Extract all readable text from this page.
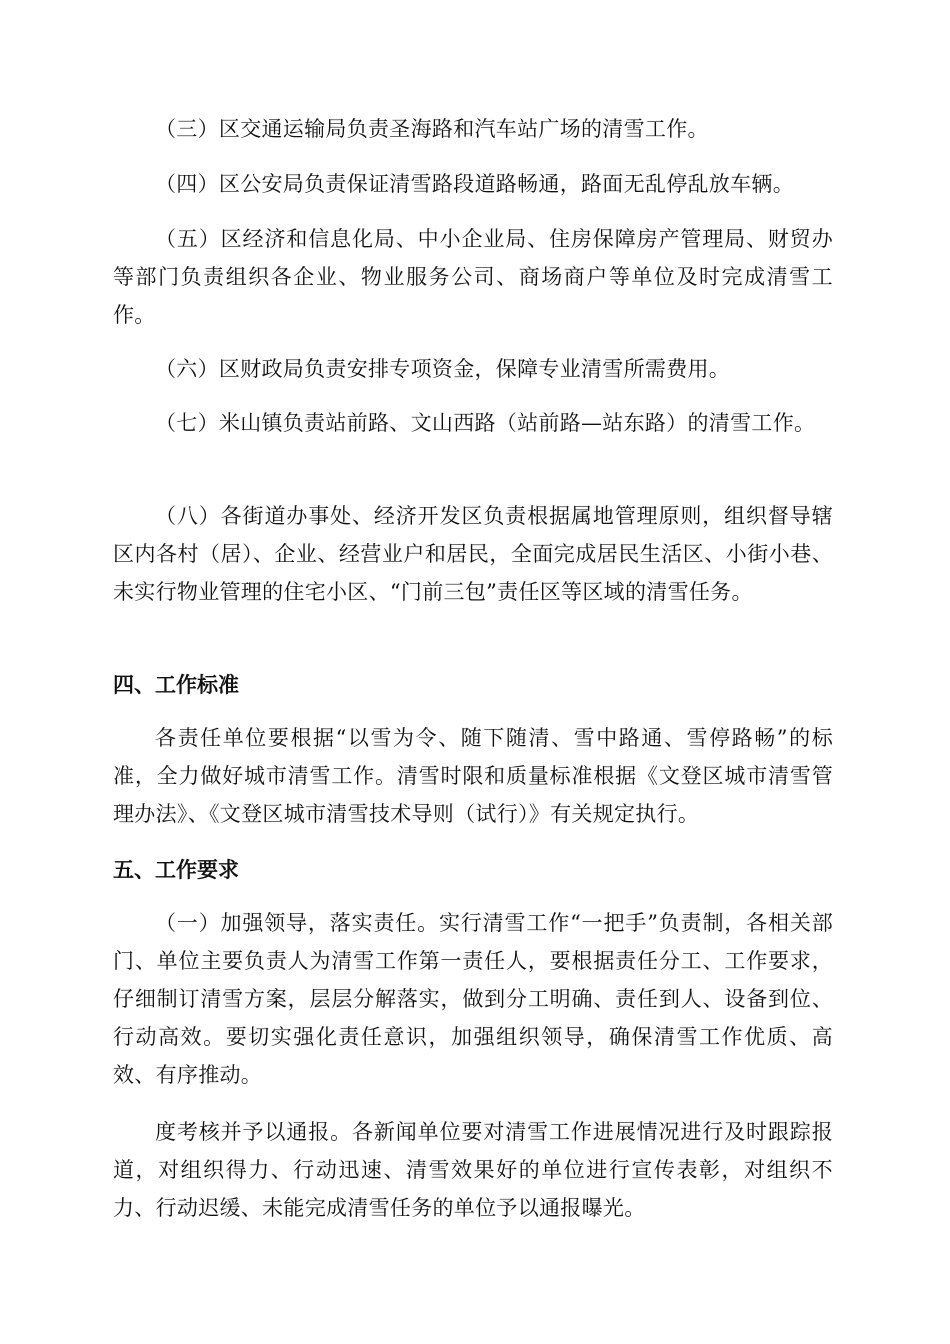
（三）区交通运输局负责圣海路和汽车站广场的清雪工作。

（四）区公安局负责保证清雪路段道路畅通，路面无乱停乱放车辆。

（五）区经济和信息化局、中小企业局、住房保障房产管理局、财贸办等部门负责组织各企业、物业服务公司、商场商户等单位及时完成清雪工作。

（六）区财政局负责安排专项资金，保障专业清雪所需费用。

（七）米山镇负责站前路、文山西路（站前路—站东路）的清雪工作。

（八）各街道办事处、经济开发区负责根据属地管理原则，组织督导辖区内各村（居）、企业、经营业户和居民，全面完成居民生活区、小街小巷、未实行物业管理的住宅小区、“门前三包”责任区等区域的清雪任务。

四、工作标准

各责任单位要根据“以雪为令、随下随清、雪中路通、雪停路畅”的标准，全力做好城市清雪工作。清雪时限和质量标准根据《文登区城市清雪管理办法》、《文登区城市清雪技术导则（试行）》有关规定执行。

五、工作要求

（一）加强领导，落实责任。实行清雪工作“一把手”负责制，各相关部门、单位主要负责人为清雪工作第一责任人，要根据责任分工、工作要求，仔细制订清雪方案，层层分解落实，做到分工明确、责任到人、设备到位、行动高效。要切实强化责任意识，加强组织领导，确保清雪工作优质、高效、有序推动。

度考核并予以通报。各新闻单位要对清雪工作进展情况进行及时跟踪报道，对组织得力、行动迅速、清雪效果好的单位进行宣传表彰，对组织不力、行动迟缓、未能完成清雪任务的单位予以通报曝光。
